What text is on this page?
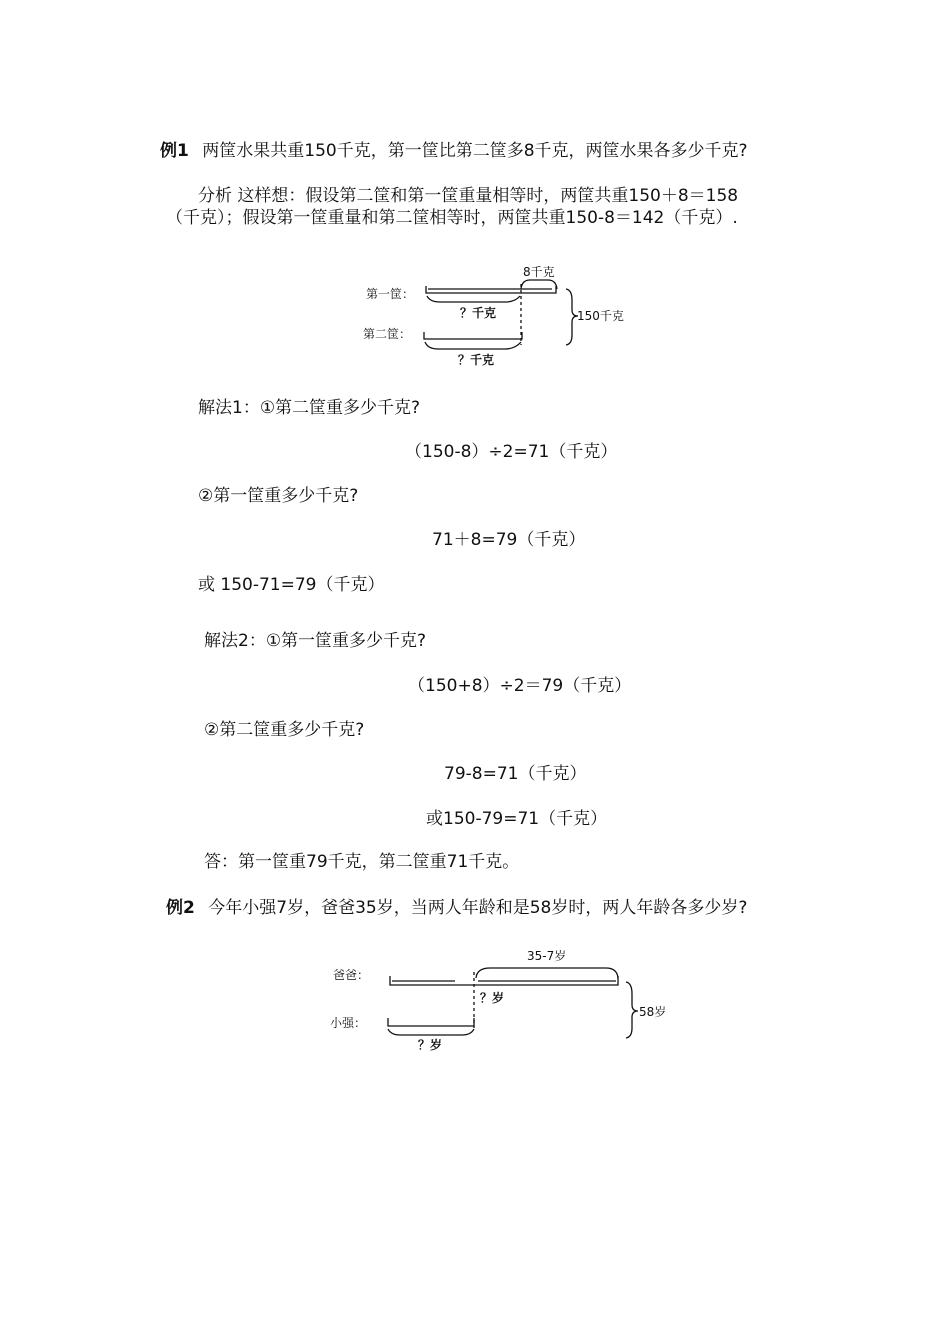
例1 两筐水果共重150千克，第一筐比第二筐多8千克，两筐水果各多少千克?
分析 这样想：假设第二筐和第一筐重量相等时，两筐共重150＋8＝158
（千克）；假设第一筐重量和第二筐相等时，两筐共重150-8＝142（千克）.
第一筐：
第二筐：
8千克
？千克
？千克
150千克
解法1：①第二筐重多少千克?
（150-8）÷2=71（千克）
②第一筐重多少千克?
71＋8=79（千克）
或 150-71=79（千克）
解法2：①第一筐重多少千克?
（150+8）÷2＝79（千克）
②第二筐重多少千克?
79-8=71（千克）
或150-79=71（千克）
答：第一筐重79千克，第二筐重71千克。
例2 今年小强7岁，爸爸35岁，当两人年龄和是58岁时，两人年龄各多少岁?
爸爸：
小强：
35-7岁
？岁
？岁
58岁
